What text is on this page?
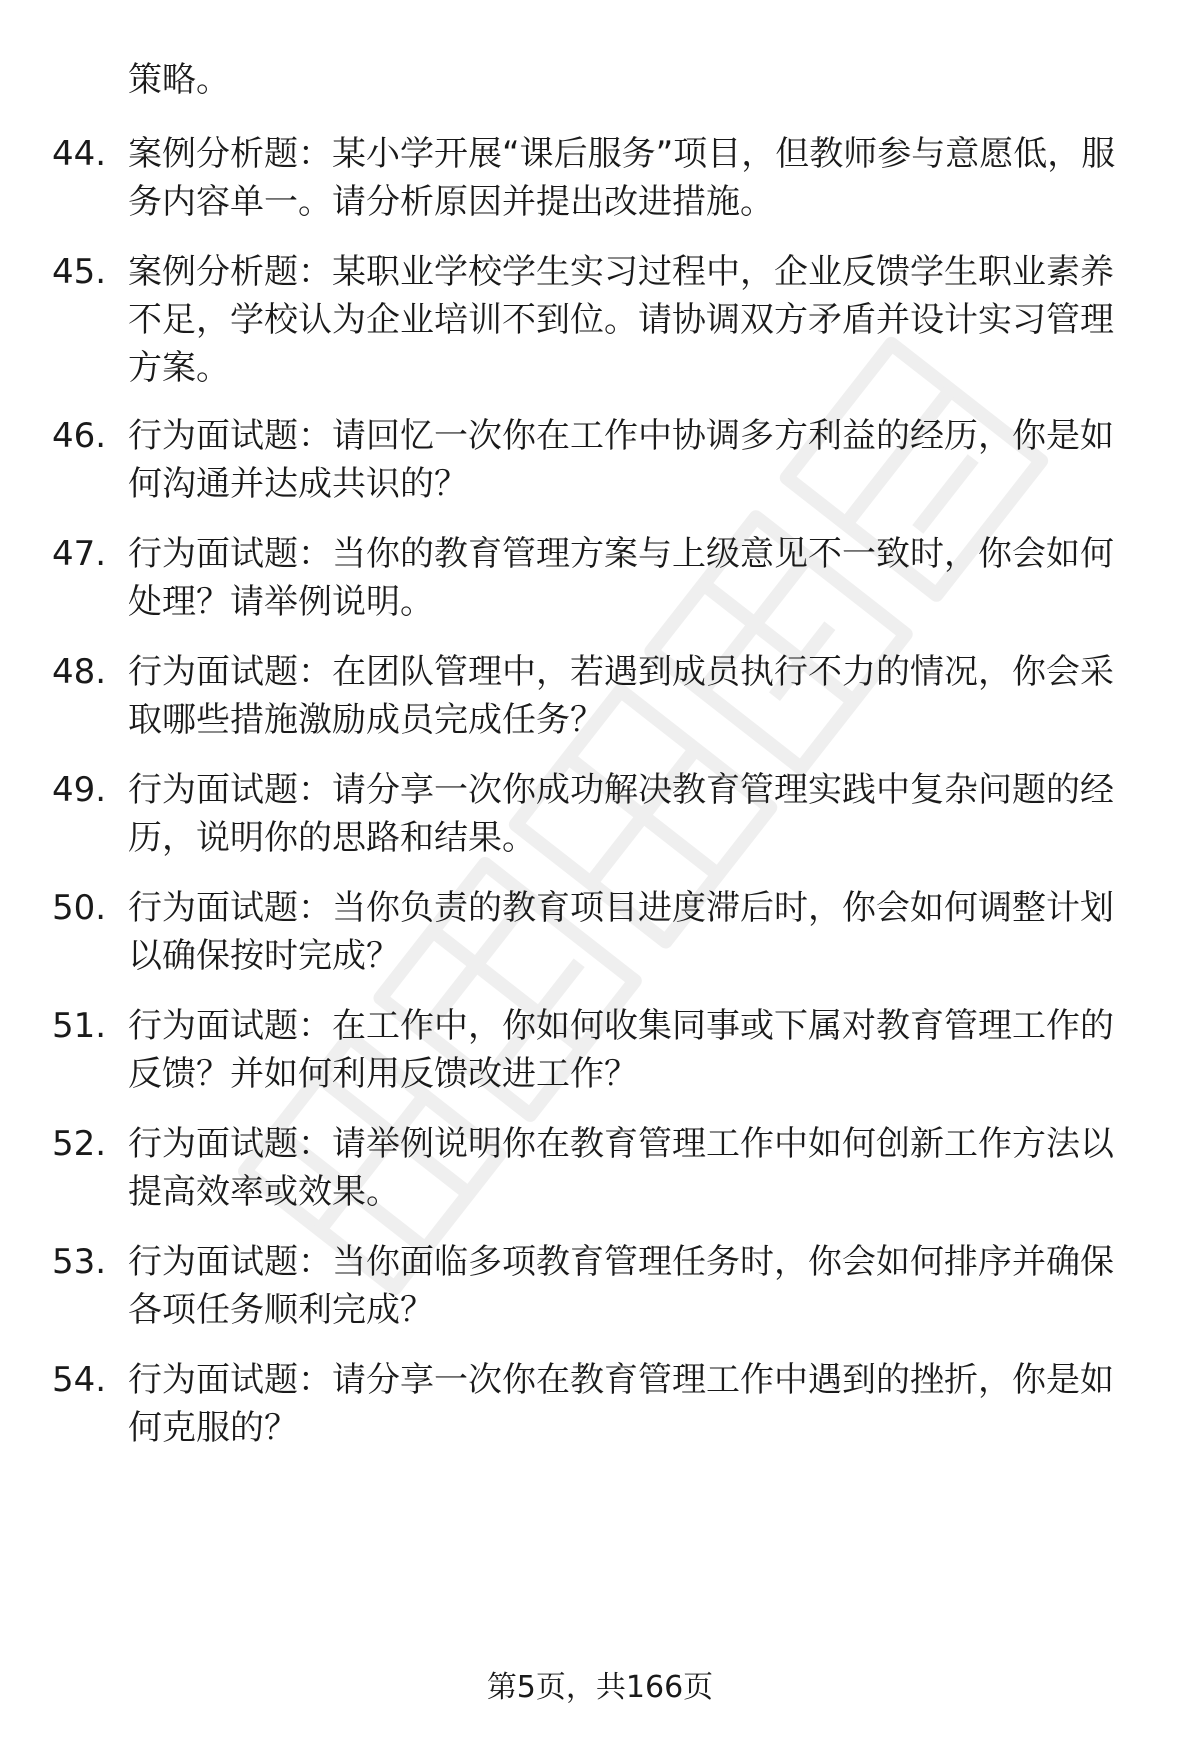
策略。

44. 案例分析题：某小学开展“课后服务”项目，但教师参与意愿低，服务内容单一。请分析原因并提出改进措施。

45. 案例分析题：某职业学校学生实习过程中，企业反馈学生职业素养不足，学校认为企业培训不到位。请协调双方矛盾并设计实习管理方案。

46. 行为面试题：请回忆一次你在工作中协调多方利益的经历，你是如何沟通并达成共识的？

47. 行为面试题：当你的教育管理方案与上级意见不一致时，你会如何处理？请举例说明。

48. 行为面试题：在团队管理中，若遇到成员执行不力的情况，你会采取哪些措施激励成员完成任务？

49. 行为面试题：请分享一次你成功解决教育管理实践中复杂问题的经历，说明你的思路和结果。

50. 行为面试题：当你负责的教育项目进度滞后时，你会如何调整计划以确保按时完成？

51. 行为面试题：在工作中，你如何收集同事或下属对教育管理工作的反馈？并如何利用反馈改进工作？

52. 行为面试题：请举例说明你在教育管理工作中如何创新工作方法以提高效率或效果。

53. 行为面试题：当你面临多项教育管理任务时，你会如何排序并确保各项任务顺利完成？

54. 行为面试题：请分享一次你在教育管理工作中遇到的挫折，你是如何克服的？

第5页，共166页
